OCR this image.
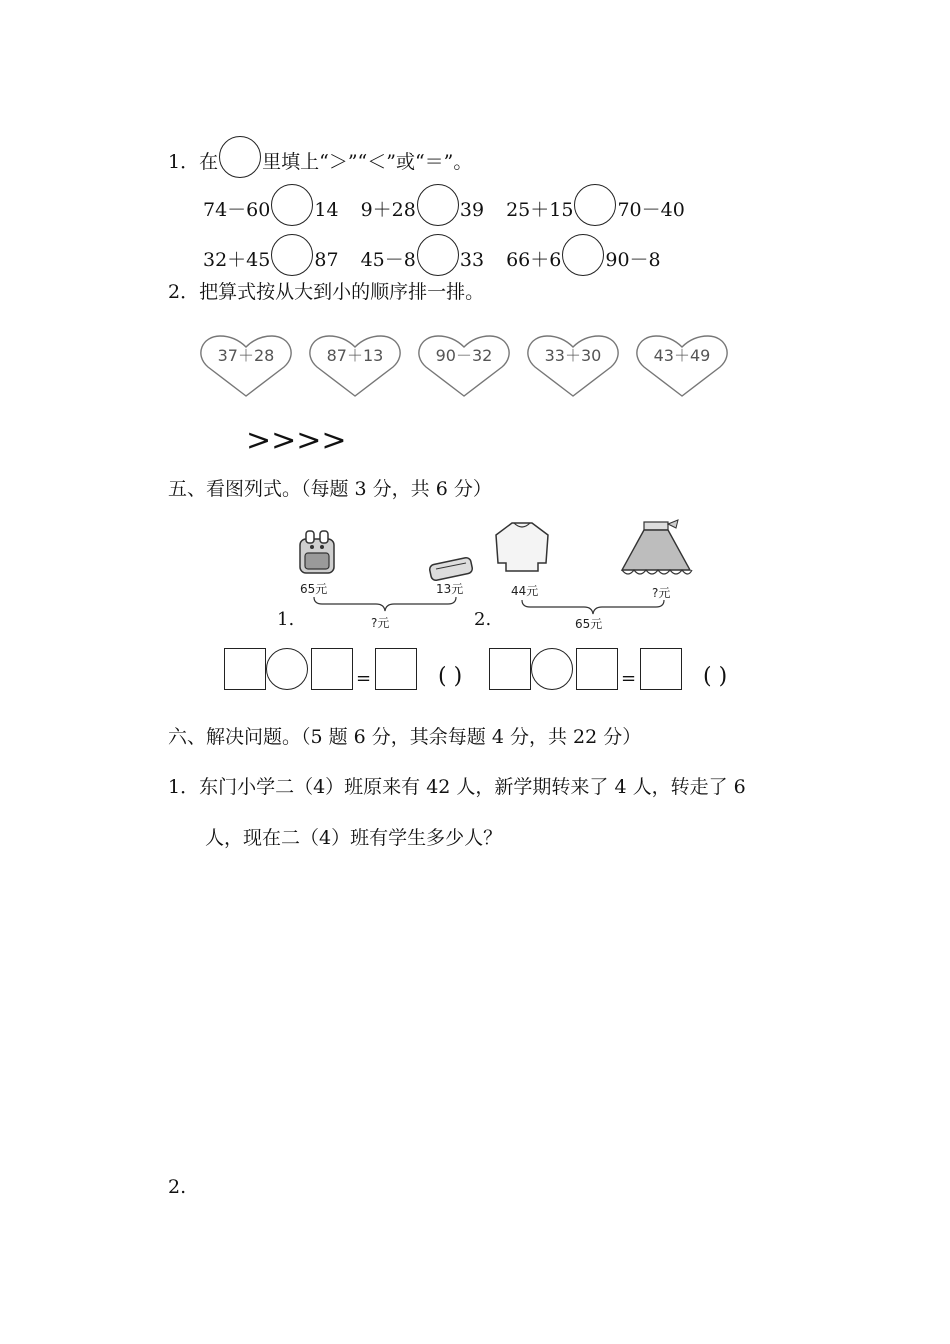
1．在 里填上“＞”“＜”或“＝”。
74－60 14 9＋28 39 25＋15 70－40
32＋45 87 45－8 33 66＋6 90－8
2．把算式按从大到小的顺序排一排。
37＋28	87＋13	90－32	33＋30	43＋49
>>>>
五、看图列式。（每题 3 分，共 6 分）
65元	13元
?元
1.
44元	?元
65元
2.
=	( )	=	( )
六、解决问题。（5 题 6 分，其余每题 4 分，共 22 分）
1．东门小学二（4）班原来有 42 人，新学期转来了 4 人，转走了 6
人，现在二（4）班有学生多少人？
2.
